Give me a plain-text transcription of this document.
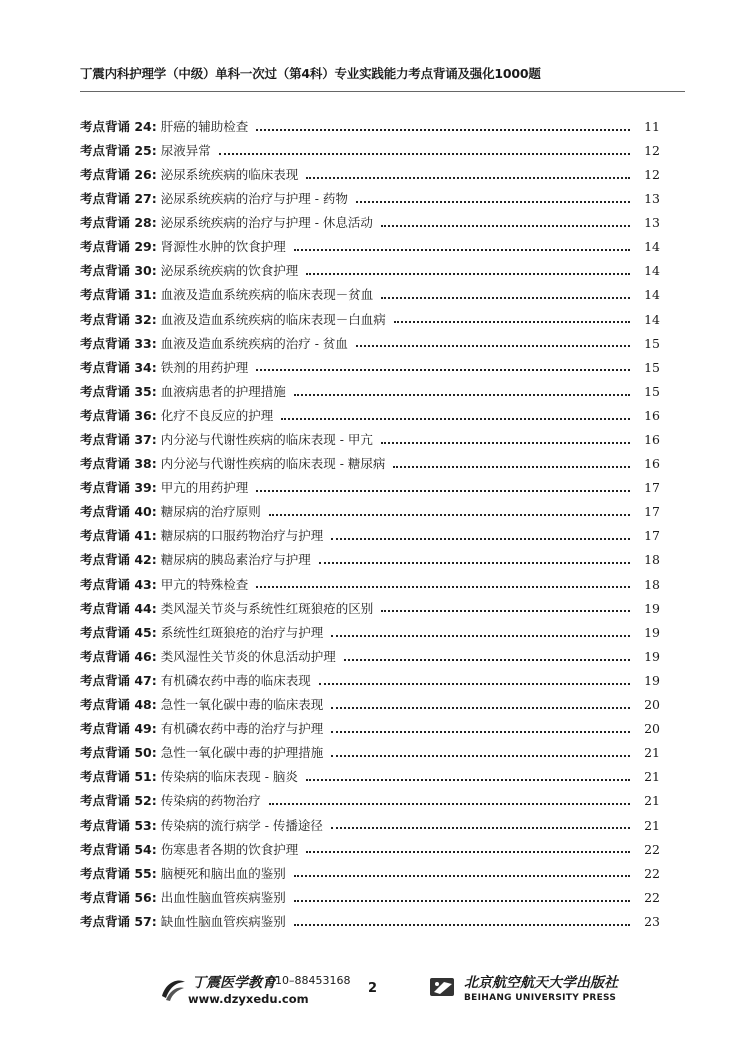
丁震内科护理学（中级）单科一次过（第4科）专业实践能力考点背诵及强化1000题
考点背诵 24: 肝癌的辅助检查	11
考点背诵 25: 尿液异常	12
考点背诵 26: 泌尿系统疾病的临床表现	12
考点背诵 27: 泌尿系统疾病的治疗与护理 - 药物	13
考点背诵 28: 泌尿系统疾病的治疗与护理 - 休息活动	13
考点背诵 29: 肾源性水肿的饮食护理	14
考点背诵 30: 泌尿系统疾病的饮食护理	14
考点背诵 31: 血液及造血系统疾病的临床表现－贫血	14
考点背诵 32: 血液及造血系统疾病的临床表现－白血病	14
考点背诵 33: 血液及造血系统疾病的治疗 - 贫血	15
考点背诵 34: 铁剂的用药护理	15
考点背诵 35: 血液病患者的护理措施	15
考点背诵 36: 化疗不良反应的护理	16
考点背诵 37: 内分泌与代谢性疾病的临床表现 - 甲亢	16
考点背诵 38: 内分泌与代谢性疾病的临床表现 - 糖尿病	16
考点背诵 39: 甲亢的用药护理	17
考点背诵 40: 糖尿病的治疗原则	17
考点背诵 41: 糖尿病的口服药物治疗与护理	17
考点背诵 42: 糖尿病的胰岛素治疗与护理	18
考点背诵 43: 甲亢的特殊检查	18
考点背诵 44: 类风湿关节炎与系统性红斑狼疮的区别	19
考点背诵 45: 系统性红斑狼疮的治疗与护理	19
考点背诵 46: 类风湿性关节炎的休息活动护理	19
考点背诵 47: 有机磷农药中毒的临床表现	19
考点背诵 48: 急性一氧化碳中毒的临床表现	20
考点背诵 49: 有机磷农药中毒的治疗与护理	20
考点背诵 50: 急性一氧化碳中毒的护理措施	21
考点背诵 51: 传染病的临床表现 - 脑炎	21
考点背诵 52: 传染病的药物治疗	21
考点背诵 53: 传染病的流行病学 - 传播途径	21
考点背诵 54: 伤寒患者各期的饮食护理	22
考点背诵 55: 脑梗死和脑出血的鉴别	22
考点背诵 56: 出血性脑血管疾病鉴别	22
考点背诵 57: 缺血性脑血管疾病鉴别	23
丁震医学教育
010–88453168
www.dzyxedu.com
2	北京航空航天大学出版社
BEIHANG UNIVERSITY PRESS
